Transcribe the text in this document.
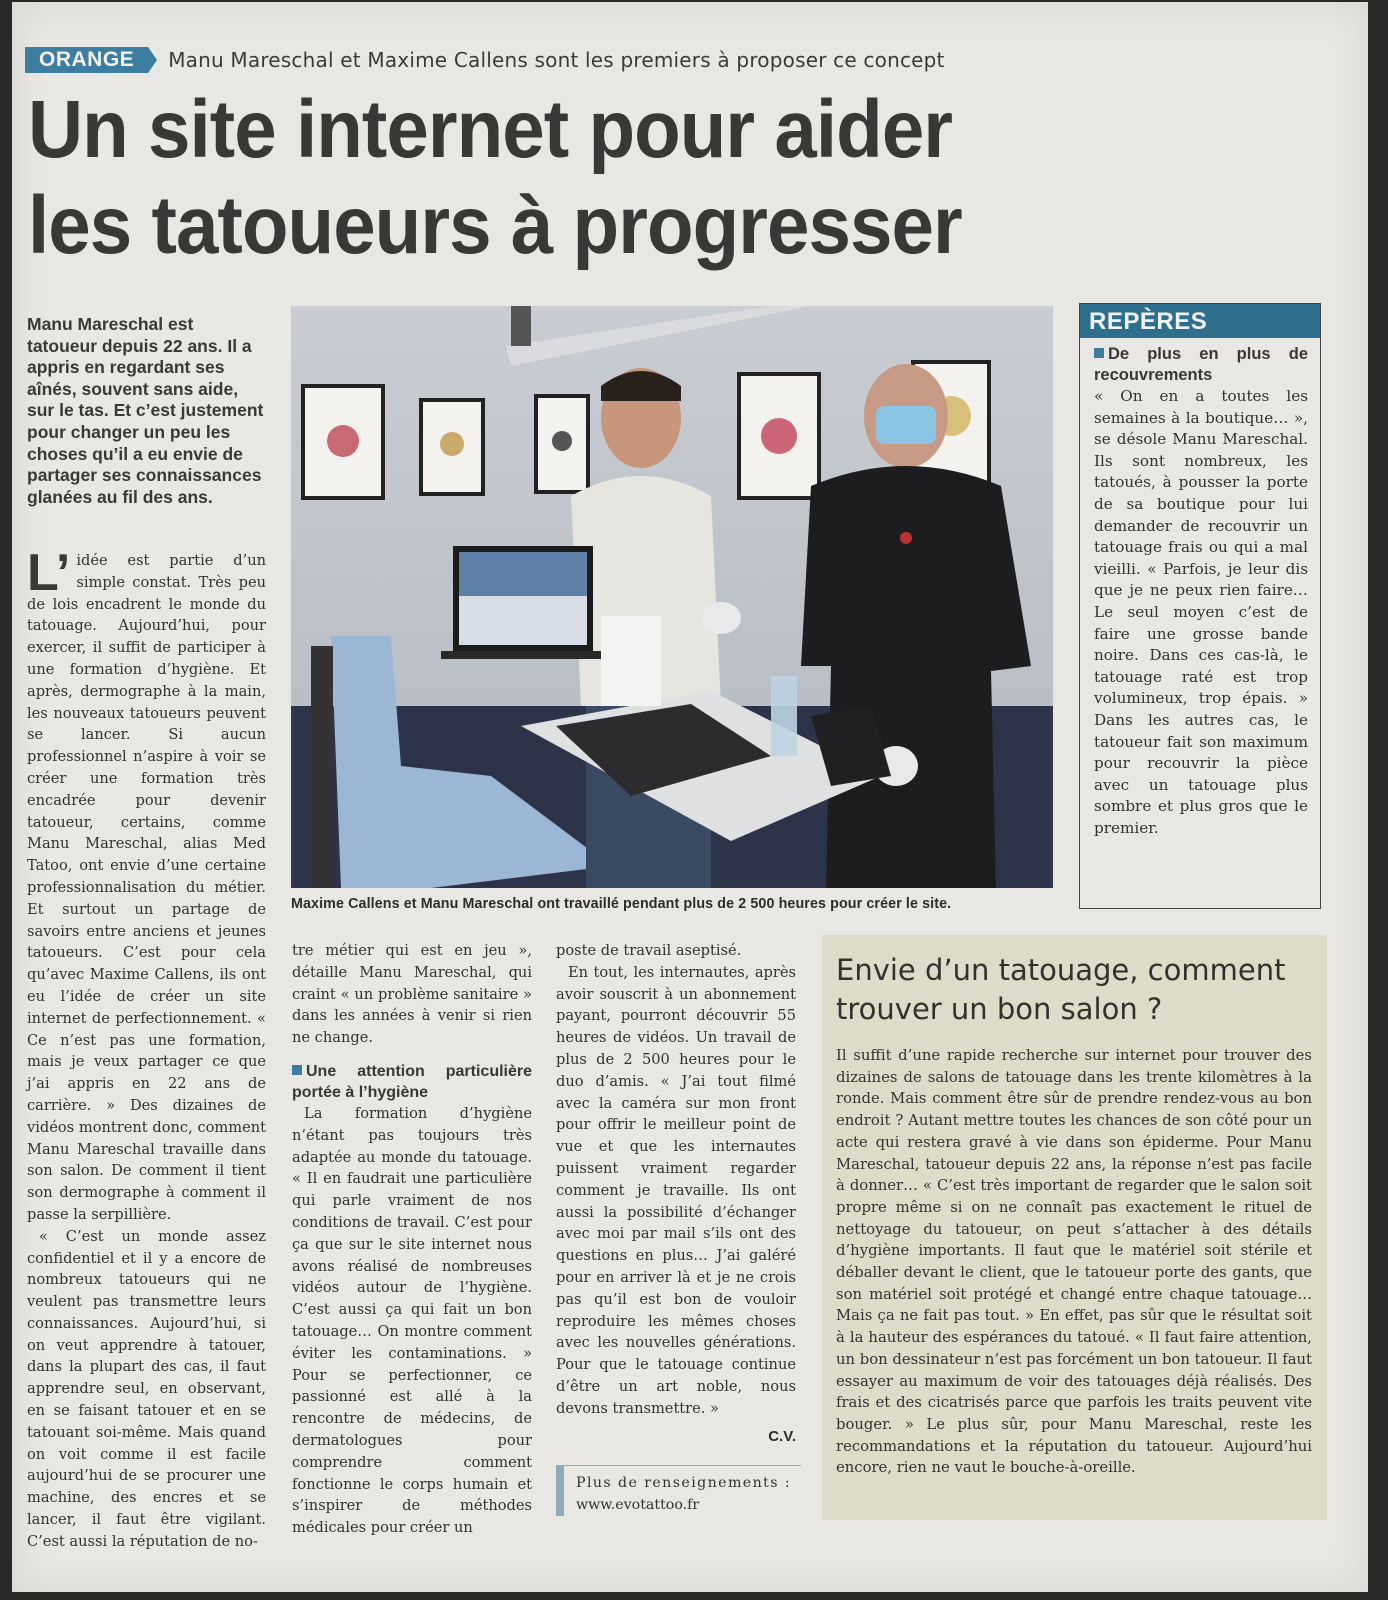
ORANGE	Manu Mareschal et Maxime Callens sont les premiers à proposer ce concept
Un site internet pour aider
les tatoueurs à progresser
Manu Mareschal est tatoueur depuis 22 ans. Il a appris en regardant ses aînés, souvent sans aide, sur le tas. Et c’est justement pour changer un peu les choses qu’il a eu envie de partager ses connaissances glanées au fil des ans.

L’ idée est partie d’un simple constat. Très peu de lois encadrent le monde du tatouage. Aujourd’hui, pour exercer, il suffit de participer à une formation d’hygiène. Et après, dermographe à la main, les nouveaux tatoueurs peuvent se lancer. Si aucun professionnel n’aspire à voir se créer une formation très encadrée pour devenir tatoueur, certains, comme Manu Mareschal, alias Med Tatoo, ont envie d’une certaine professionnalisation du métier. Et surtout un partage de savoirs entre anciens et jeunes tatoueurs. C’est pour cela qu’avec Maxime Callens, ils ont eu l’idée de créer un site internet de perfectionnement. « Ce n’est pas une formation, mais je veux partager ce que j’ai appris en 22 ans de carrière. » Des dizaines de vidéos montrent donc, comment Manu Mareschal travaille dans son salon. De comment il tient son dermographe à comment il passe la serpillière.

« C’est un monde assez confidentiel et il y a encore de nombreux tatoueurs qui ne veulent pas transmettre leurs connaissances. Aujourd’hui, si on veut apprendre à tatouer, dans la plupart des cas, il faut apprendre seul, en observant, en se faisant tatouer et en se tatouant soi-même. Mais quand on voit comme il est facile aujourd’hui de se procurer une machine, des encres et se lancer, il faut être vigilant. C’est aussi la réputation de no-

Maxime Callens et Manu Mareschal ont travaillé pendant plus de 2 500 heures pour créer le site.
REPÈRES
De plus en plus de recouvrements

« On en a toutes les semaines à la boutique… », se désole Manu Mareschal. Ils sont nombreux, les tatoués, à pousser la porte de sa boutique pour lui demander de recouvrir un tatouage frais ou qui a mal vieilli. « Parfois, je leur dis que je ne peux rien faire… Le seul moyen c’est de faire une grosse bande noire. Dans ces cas-là, le tatouage raté est trop volumineux, trop épais. » Dans les autres cas, le tatoueur fait son maximum pour recouvrir la pièce avec un tatouage plus sombre et plus gros que le premier.

tre métier qui est en jeu », détaille Manu Mareschal, qui craint « un problème sanitaire » dans les années à venir si rien ne change.

Une attention particulière portée à l’hygiène

La formation d’hygiène n’étant pas toujours très adaptée au monde du tatouage. « Il en faudrait une particulière qui parle vraiment de nos conditions de travail. C’est pour ça que sur le site internet nous avons réalisé de nombreuses vidéos autour de l’hygiène. C’est aussi ça qui fait un bon tatouage… On montre comment éviter les contaminations. » Pour se perfectionner, ce passionné est allé à la rencontre de médecins, de dermatologues pour comprendre comment fonctionne le corps humain et s’inspirer de méthodes médicales pour créer un

poste de travail aseptisé.

En tout, les internautes, après avoir souscrit à un abonnement payant, pourront découvrir 55 heures de vidéos. Un travail de plus de 2 500 heures pour le duo d’amis. « J’ai tout filmé avec la caméra sur mon front pour offrir le meilleur point de vue et que les internautes puissent vraiment regarder comment je travaille. Ils ont aussi la possibilité d’échanger avec moi par mail s’ils ont des questions en plus… J’ai galéré pour en arriver là et je ne crois pas qu’il est bon de vouloir reproduire les mêmes choses avec les nouvelles générations. Pour que le tatouage continue d’être un art noble, nous devons transmettre. »

C.V.
Plus de renseignements :
www.evotattoo.fr
Envie d’un tatouage, comment trouver un bon salon ?

Il suffit d’une rapide recherche sur internet pour trouver des dizaines de salons de tatouage dans les trente kilomètres à la ronde. Mais comment être sûr de prendre rendez-vous au bon endroit ? Autant mettre toutes les chances de son côté pour un acte qui restera gravé à vie dans son épiderme. Pour Manu Mareschal, tatoueur depuis 22 ans, la réponse n’est pas facile à donner… « C’est très important de regarder que le salon soit propre même si on ne connaît pas exactement le rituel de nettoyage du tatoueur, on peut s’attacher à des détails d’hygiène importants. Il faut que le matériel soit stérile et déballer devant le client, que le tatoueur porte des gants, que son matériel soit protégé et changé entre chaque tatouage… Mais ça ne fait pas tout. » En effet, pas sûr que le résultat soit à la hauteur des espérances du tatoué. « Il faut faire attention, un bon dessinateur n’est pas forcément un bon tatoueur. Il faut essayer au maximum de voir des tatouages déjà réalisés. Des frais et des cicatrisés parce que parfois les traits peuvent vite bouger. » Le plus sûr, pour Manu Mareschal, reste les recommandations et la réputation du tatoueur. Aujourd’hui encore, rien ne vaut le bouche-à-oreille.
